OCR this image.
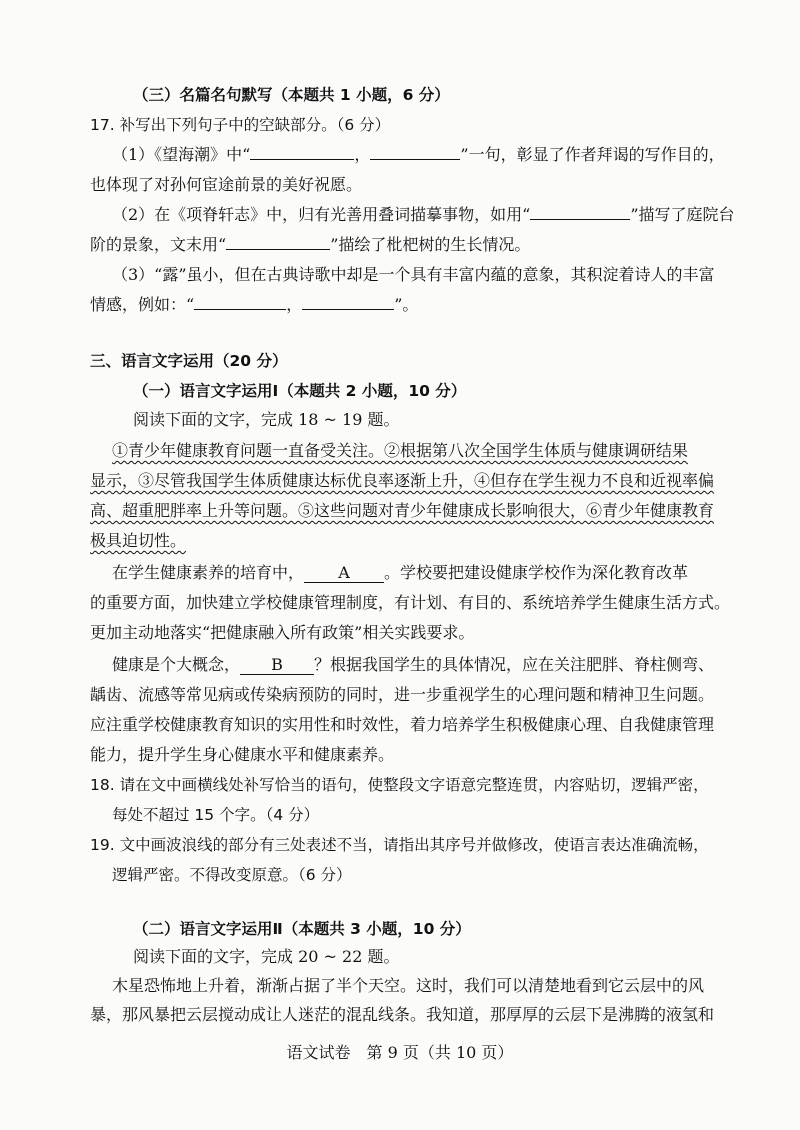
（三）名篇名句默写（本题共 1 小题，6 分）
17. 补写出下列句子中的空缺部分。（6 分）
（1）《望海潮》中“	，	”一句，彰显了作者拜谒的写作目的，
也体现了对孙何宦途前景的美好祝愿。
（2）在《项脊轩志》中，归有光善用叠词描摹事物，如用“	”描写了庭院台
阶的景象，文末用“	”描绘了枇杷树的生长情况。
（3）“露”虽小，但在古典诗歌中却是一个具有丰富内蕴的意象，其积淀着诗人的丰富
情感，例如：“	，	”。
三、语言文字运用（20 分）
（一）语言文字运用Ⅰ（本题共 2 小题，10 分）
阅读下面的文字，完成 18 ~ 19 题。
①青少年健康教育问题一直备受关注。②根据第八次全国学生体质与健康调研结果
显示，③尽管我国学生体质健康达标优良率逐渐上升，④但存在学生视力不良和近视率偏
高、超重肥胖率上升等问题。⑤这些问题对青少年健康成长影响很大，⑥青少年健康教育
极具迫切性。
在学生健康素养的培育中， A 。学校要把建设健康学校作为深化教育改革
的重要方面，加快建立学校健康管理制度，有计划、有目的、系统培养学生健康生活方式。
更加主动地落实“把健康融入所有政策”相关实践要求。
健康是个大概念， B ？根据我国学生的具体情况，应在关注肥胖、脊柱侧弯、
龋齿、流感等常见病或传染病预防的同时，进一步重视学生的心理问题和精神卫生问题。
应注重学校健康教育知识的实用性和时效性，着力培养学生积极健康心理、自我健康管理
能力，提升学生身心健康水平和健康素养。
18. 请在文中画横线处补写恰当的语句，使整段文字语意完整连贯，内容贴切，逻辑严密，
每处不超过 15 个字。（4 分）
19. 文中画波浪线的部分有三处表述不当，请指出其序号并做修改，使语言表达准确流畅，
逻辑严密。不得改变原意。（6 分）
（二）语言文字运用Ⅱ（本题共 3 小题，10 分）
阅读下面的文字，完成 20 ~ 22 题。
木星恐怖地上升着，渐渐占据了半个天空。这时，我们可以清楚地看到它云层中的风
暴，那风暴把云层搅动成让人迷茫的混乱线条。我知道，那厚厚的云层下是沸腾的液氢和
语文试卷　第 9 页（共 10 页）
